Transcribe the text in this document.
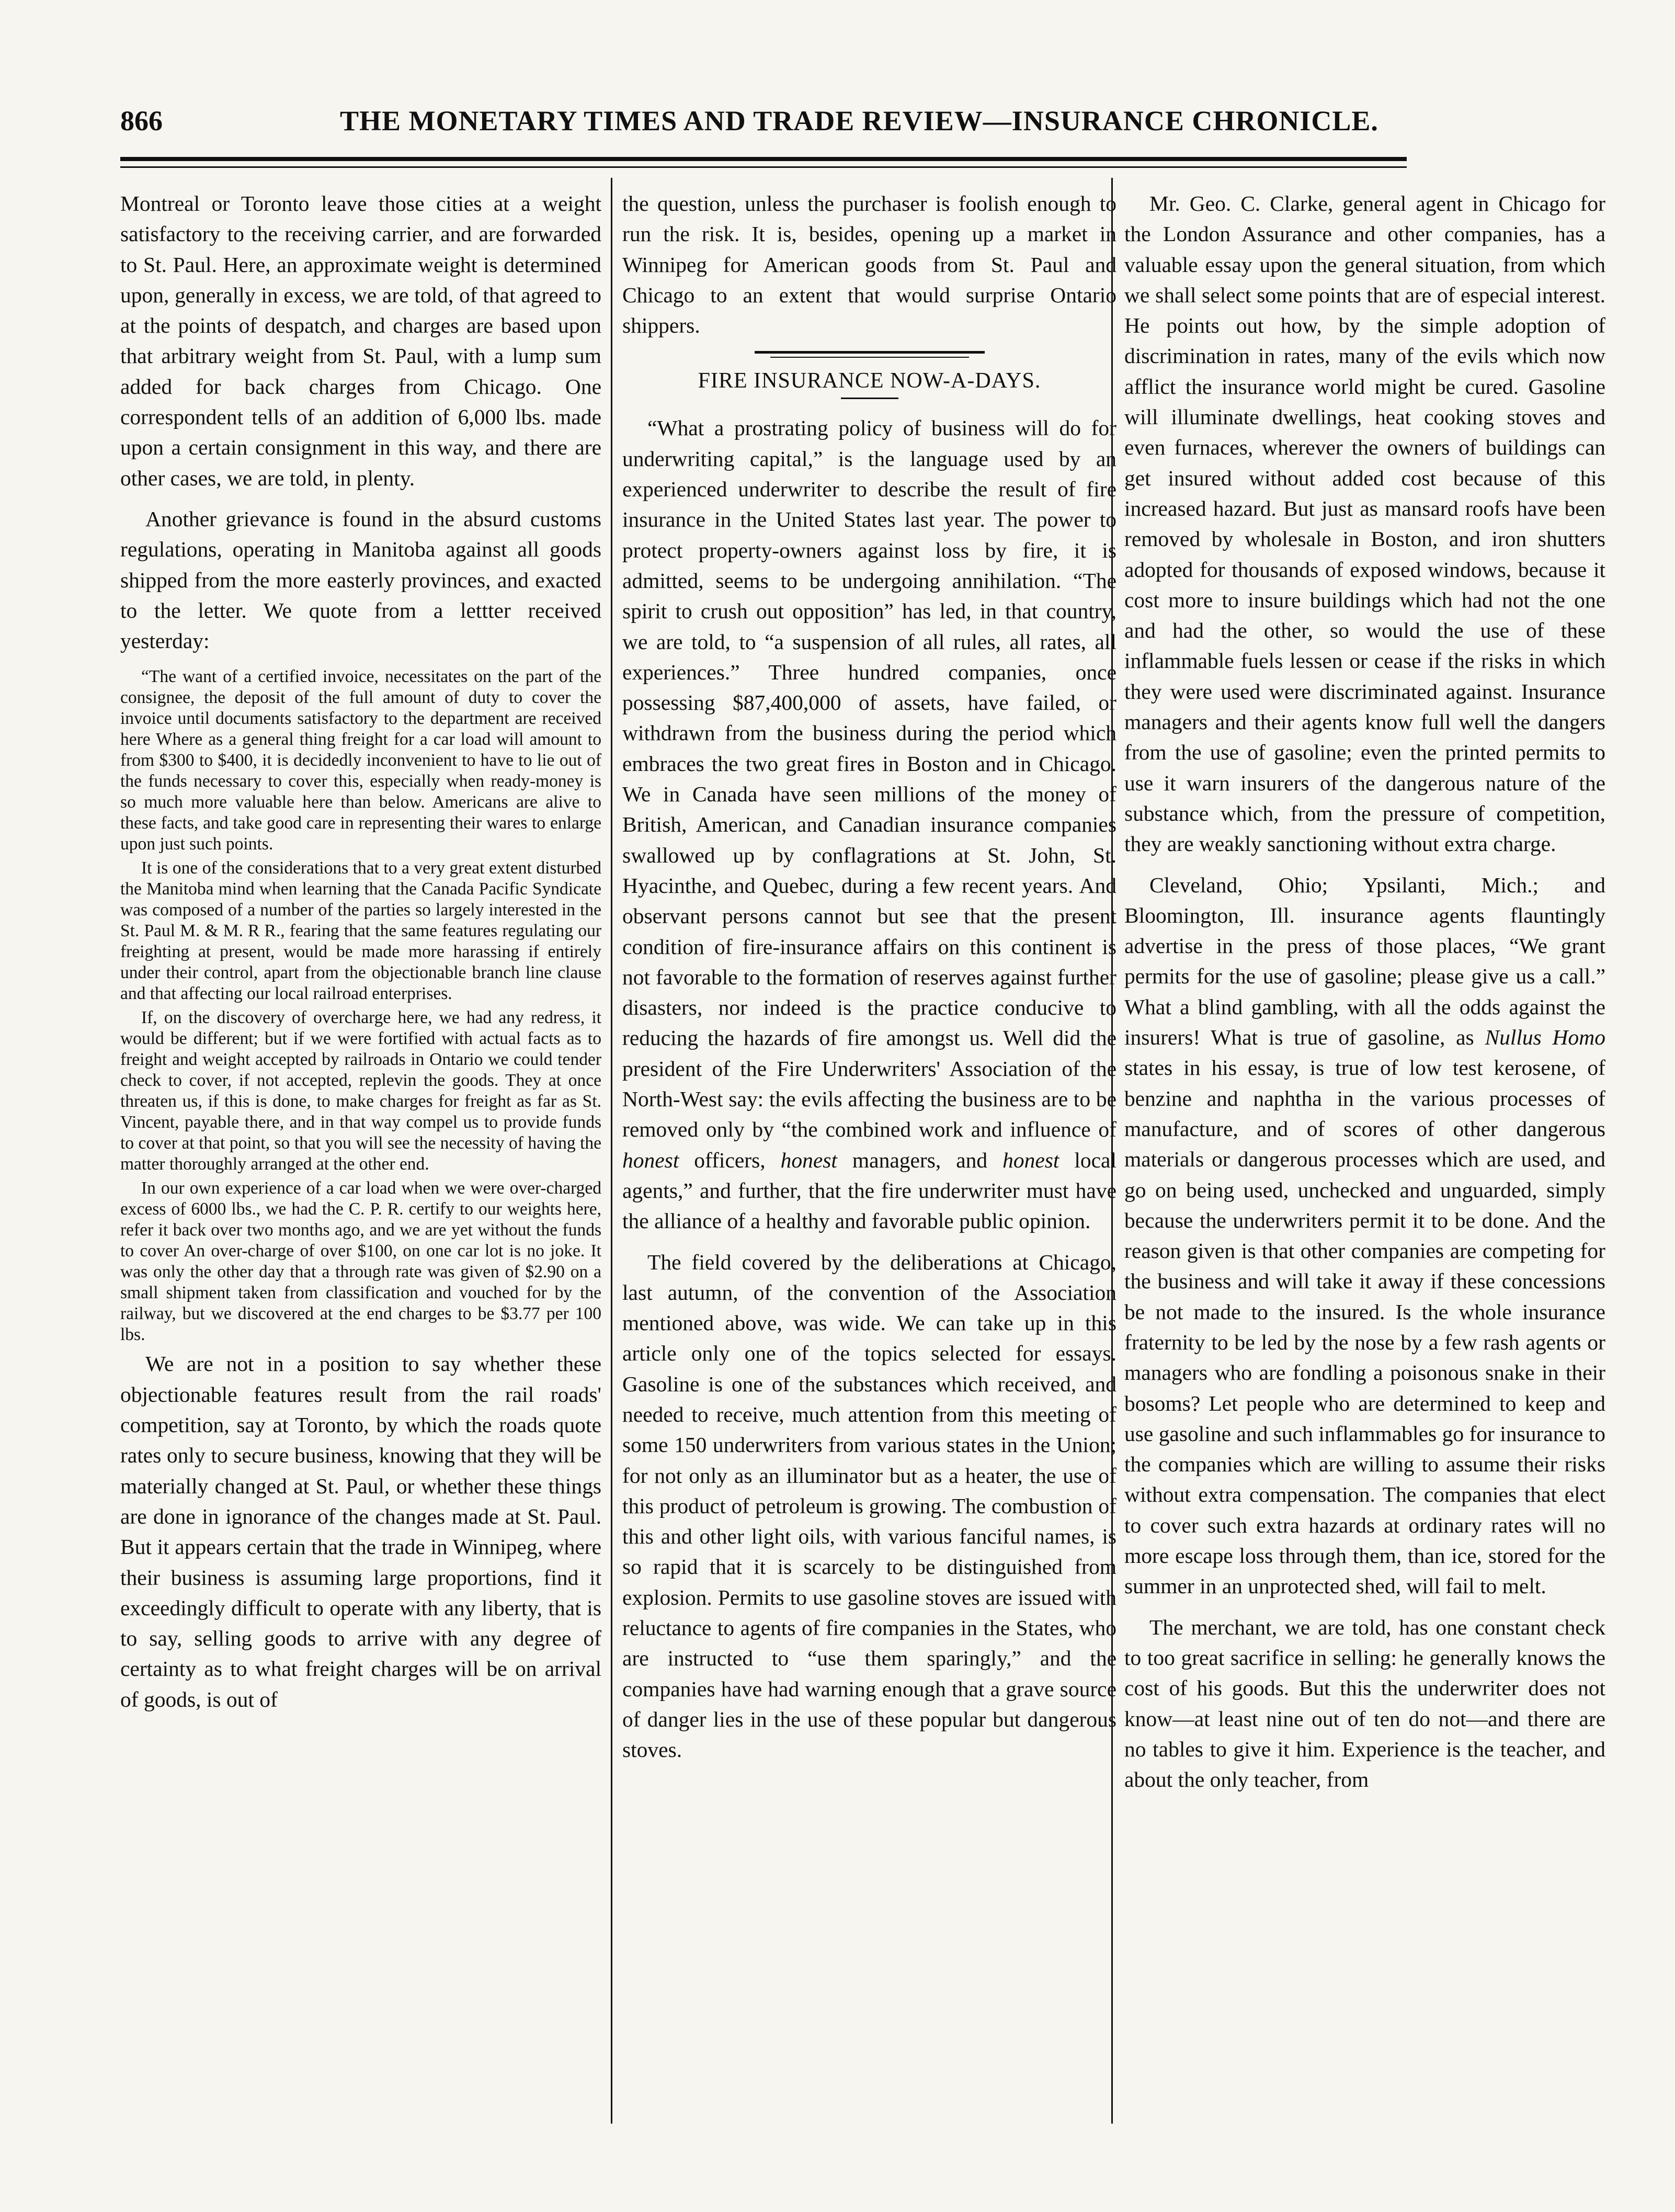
866	THE MONETARY TIMES AND TRADE REVIEW—INSURANCE CHRONICLE.

Montreal or Toronto leave those cities at a weight satisfactory to the receiving carrier, and are forwarded to St. Paul. Here, an approximate weight is determined upon, generally in excess, we are told, of that agreed to at the points of despatch, and charges are based upon that arbitrary weight from St. Paul, with a lump sum added for back charges from Chicago. One correspondent tells of an addition of 6,000 lbs. made upon a certain consignment in this way, and there are other cases, we are told, in plenty.

Another grievance is found in the absurd customs regulations, operating in Manitoba against all goods shipped from the more easterly provinces, and exacted to the letter. We quote from a lettter received yesterday:

“The want of a certified invoice, necessitates on the part of the consignee, the deposit of the full amount of duty to cover the invoice until documents satisfactory to the department are received here Where as a general thing freight for a car load will amount to from $300 to $400, it is decidedly inconvenient to have to lie out of the funds necessary to cover this, especially when ready-money is so much more valuable here than below. Americans are alive to these facts, and take good care in representing their wares to enlarge upon just such points.

It is one of the considerations that to a very great extent disturbed the Manitoba mind when learning that the Canada Pacific Syndicate was composed of a number of the parties so largely interested in the St. Paul M. & M. R R., fearing that the same features regulating our freighting at present, would be made more harassing if entirely under their control, apart from the objectionable branch line clause and that affecting our local railroad enterprises.

If, on the discovery of overcharge here, we had any redress, it would be different; but if we were fortified with actual facts as to freight and weight accepted by railroads in Ontario we could tender check to cover, if not accepted, replevin the goods. They at once threaten us, if this is done, to make charges for freight as far as St. Vincent, payable there, and in that way compel us to provide funds to cover at that point, so that you will see the necessity of having the matter thoroughly arranged at the other end.

In our own experience of a car load when we were over-charged excess of 6000 lbs., we had the C. P. R. certify to our weights here, refer it back over two months ago, and we are yet without the funds to cover An over-charge of over $100, on one car lot is no joke. It was only the other day that a through rate was given of $2.90 on a small shipment taken from classification and vouched for by the railway, but we discovered at the end charges to be $3.77 per 100 lbs.

We are not in a position to say whether these objectionable features result from the rail roads' competition, say at Toronto, by which the roads quote rates only to secure business, knowing that they will be materially changed at St. Paul, or whether these things are done in ignorance of the changes made at St. Paul. But it appears certain that the trade in Winnipeg, where their business is assuming large proportions, find it exceedingly difficult to operate with any liberty, that is to say, selling goods to arrive with any degree of certainty as to what freight charges will be on arrival of goods, is out of

the question, unless the purchaser is foolish enough to run the risk. It is, besides, opening up a market in Winnipeg for American goods from St. Paul and Chicago to an extent that would surprise Ontario shippers.

FIRE INSURANCE NOW-A-DAYS.

“What a prostrating policy of business will do for underwriting capital,” is the language used by an experienced underwriter to describe the result of fire insurance in the United States last year. The power to protect property-owners against loss by fire, it is admitted, seems to be undergoing annihilation. “The spirit to crush out opposition” has led, in that country, we are told, to “a suspension of all rules, all rates, all experiences.” Three hundred companies, once possessing $87,400,000 of assets, have failed, or withdrawn from the business during the period which embraces the two great fires in Boston and in Chicago. We in Canada have seen millions of the money of British, American, and Canadian insurance companies swallowed up by conflagrations at St. John, St. Hyacinthe, and Quebec, during a few recent years. And observant persons cannot but see that the present condition of fire-insurance affairs on this continent is not favorable to the formation of reserves against further disasters, nor indeed is the practice conducive to reducing the hazards of fire amongst us. Well did the president of the Fire Underwriters' Association of the North-West say: the evils affecting the business are to be removed only by “the combined work and influence of honest officers, honest managers, and honest local agents,” and further, that the fire underwriter must have the alliance of a healthy and favorable public opinion.

The field covered by the deliberations at Chicago, last autumn, of the convention of the Association mentioned above, was wide. We can take up in this article only one of the topics selected for essays. Gasoline is one of the substances which received, and needed to receive, much attention from this meeting of some 150 underwriters from various states in the Union; for not only as an illuminator but as a heater, the use of this product of petroleum is growing. The combustion of this and other light oils, with various fanciful names, is so rapid that it is scarcely to be distinguished from explosion. Permits to use gasoline stoves are issued with reluctance to agents of fire companies in the States, who are instructed to “use them sparingly,” and the companies have had warning enough that a grave source of danger lies in the use of these popular but dangerous stoves.

Mr. Geo. C. Clarke, general agent in Chicago for the London Assurance and other companies, has a valuable essay upon the general situation, from which we shall select some points that are of especial interest. He points out how, by the simple adoption of discrimination in rates, many of the evils which now afflict the insurance world might be cured. Gasoline will illuminate dwellings, heat cooking stoves and even furnaces, wherever the owners of buildings can get insured without added cost because of this increased hazard. But just as mansard roofs have been removed by wholesale in Boston, and iron shutters adopted for thousands of exposed windows, because it cost more to insure buildings which had not the one and had the other, so would the use of these inflammable fuels lessen or cease if the risks in which they were used were discriminated against. Insurance managers and their agents know full well the dangers from the use of gasoline; even the printed permits to use it warn insurers of the dangerous nature of the substance which, from the pressure of competition, they are weakly sanctioning without extra charge.

Cleveland, Ohio; Ypsilanti, Mich.; and Bloomington, Ill. insurance agents flauntingly advertise in the press of those places, “We grant permits for the use of gasoline; please give us a call.” What a blind gambling, with all the odds against the insurers! What is true of gasoline, as Nullus Homo states in his essay, is true of low test kerosene, of benzine and naphtha in the various processes of manufacture, and of scores of other dangerous materials or dangerous processes which are used, and go on being used, unchecked and unguarded, simply because the underwriters permit it to be done. And the reason given is that other companies are competing for the business and will take it away if these concessions be not made to the insured. Is the whole insurance fraternity to be led by the nose by a few rash agents or managers who are fondling a poisonous snake in their bosoms? Let people who are determined to keep and use gasoline and such inflammables go for insurance to the companies which are willing to assume their risks without extra compensation. The companies that elect to cover such extra hazards at ordinary rates will no more escape loss through them, than ice, stored for the summer in an unprotected shed, will fail to melt.

The merchant, we are told, has one constant check to too great sacrifice in selling: he generally knows the cost of his goods. But this the underwriter does not know—at least nine out of ten do not—and there are no tables to give it him. Experience is the teacher, and about the only teacher, from
